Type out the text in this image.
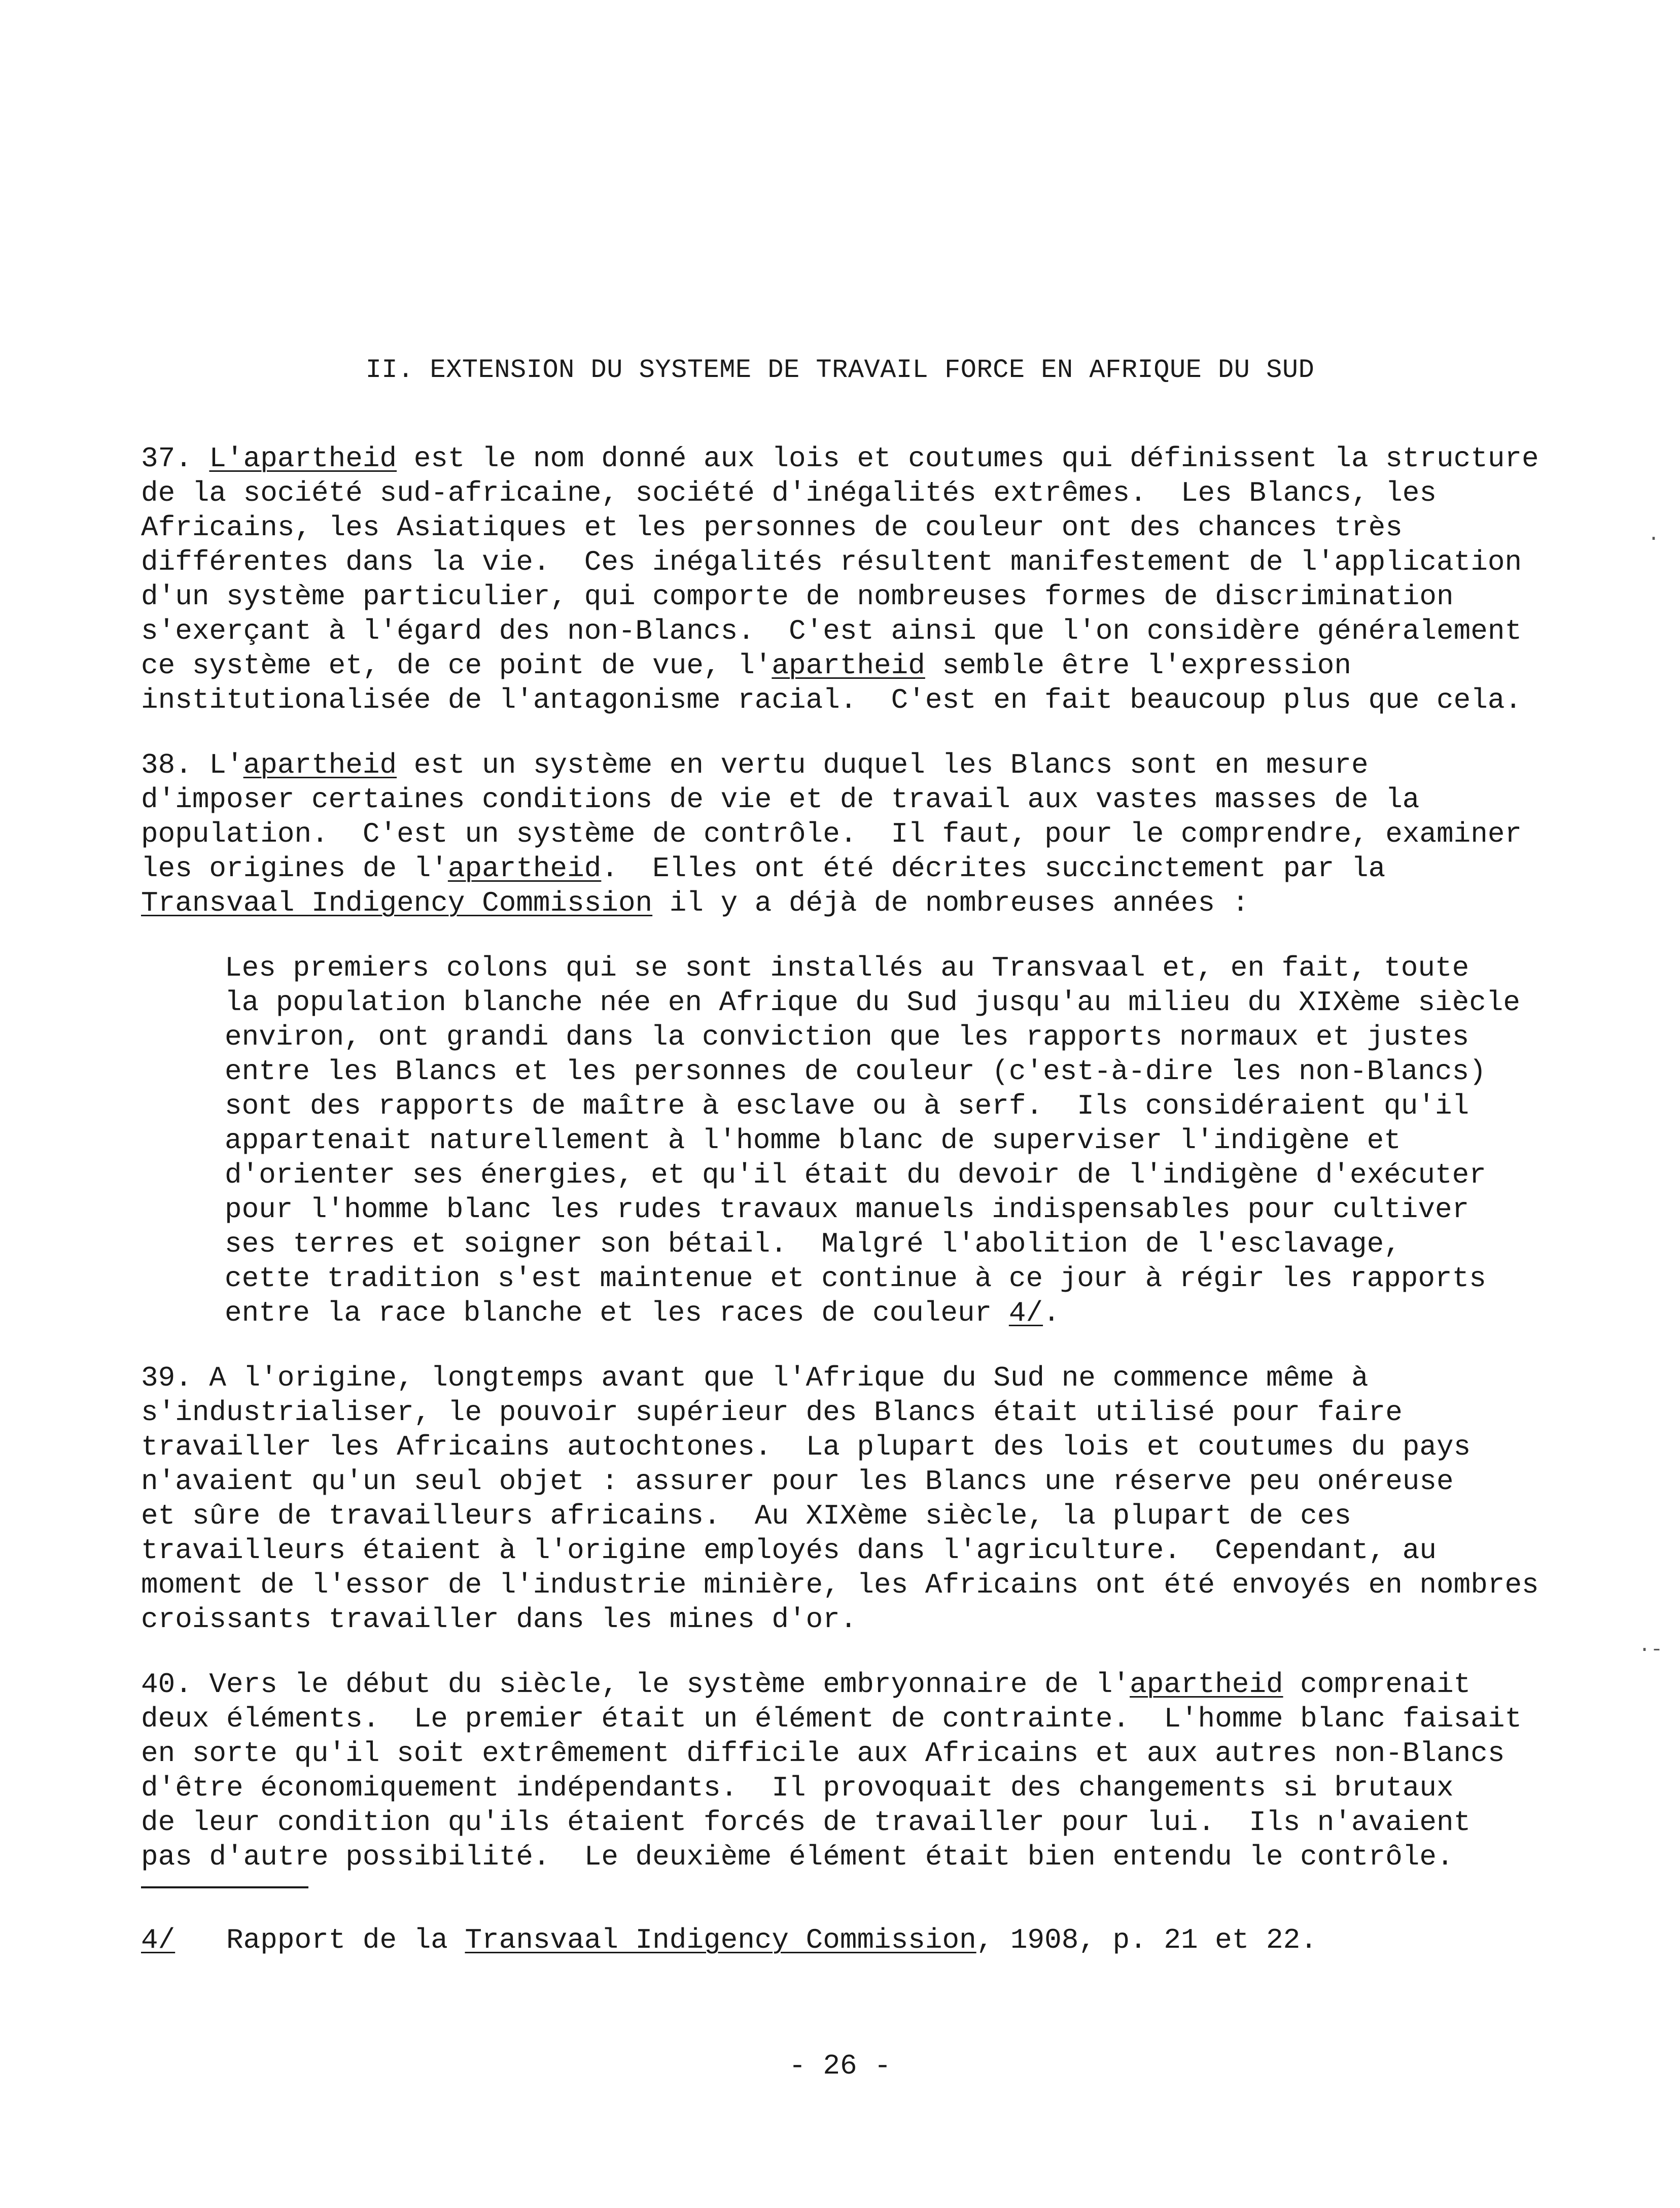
II. EXTENSION DU SYSTEME DE TRAVAIL FORCE EN AFRIQUE DU SUD
37. L'apartheid est le nom donné aux lois et coutumes qui définissent la structure
de la société sud-africaine, société d'inégalités extrêmes.  Les Blancs, les
Africains, les Asiatiques et les personnes de couleur ont des chances très
différentes dans la vie.  Ces inégalités résultent manifestement de l'application
d'un système particulier, qui comporte de nombreuses formes de discrimination
s'exerçant à l'égard des non-Blancs.  C'est ainsi que l'on considère généralement
ce système et, de ce point de vue, l'apartheid semble être l'expression
institutionalisée de l'antagonisme racial.  C'est en fait beaucoup plus que cela.
38. L'apartheid est un système en vertu duquel les Blancs sont en mesure
d'imposer certaines conditions de vie et de travail aux vastes masses de la
population.  C'est un système de contrôle.  Il faut, pour le comprendre, examiner
les origines de l'apartheid.  Elles ont été décrites succinctement par la
Transvaal Indigency Commission il y a déjà de nombreuses années :
Les premiers colons qui se sont installés au Transvaal et, en fait, toute
la population blanche née en Afrique du Sud jusqu'au milieu du XIXème siècle
environ, ont grandi dans la conviction que les rapports normaux et justes
entre les Blancs et les personnes de couleur (c'est-à-dire les non-Blancs)
sont des rapports de maître à esclave ou à serf.  Ils considéraient qu'il
appartenait naturellement à l'homme blanc de superviser l'indigène et
d'orienter ses énergies, et qu'il était du devoir de l'indigène d'exécuter
pour l'homme blanc les rudes travaux manuels indispensables pour cultiver
ses terres et soigner son bétail.  Malgré l'abolition de l'esclavage,
cette tradition s'est maintenue et continue à ce jour à régir les rapports
entre la race blanche et les races de couleur 4/.
39. A l'origine, longtemps avant que l'Afrique du Sud ne commence même à
s'industrialiser, le pouvoir supérieur des Blancs était utilisé pour faire
travailler les Africains autochtones.  La plupart des lois et coutumes du pays
n'avaient qu'un seul objet : assurer pour les Blancs une réserve peu onéreuse
et sûre de travailleurs africains.  Au XIXème siècle, la plupart de ces
travailleurs étaient à l'origine employés dans l'agriculture.  Cependant, au
moment de l'essor de l'industrie minière, les Africains ont été envoyés en nombres
croissants travailler dans les mines d'or.
40. Vers le début du siècle, le système embryonnaire de l'apartheid comprenait
deux éléments.  Le premier était un élément de contrainte.  L'homme blanc faisait
en sorte qu'il soit extrêmement difficile aux Africains et aux autres non-Blancs
d'être économiquement indépendants.  Il provoquait des changements si brutaux
de leur condition qu'ils étaient forcés de travailler pour lui.  Ils n'avaient
pas d'autre possibilité.  Le deuxième élément était bien entendu le contrôle.
4/   Rapport de la Transvaal Indigency Commission, 1908, p. 21 et 22.
- 26 -
·
·-
